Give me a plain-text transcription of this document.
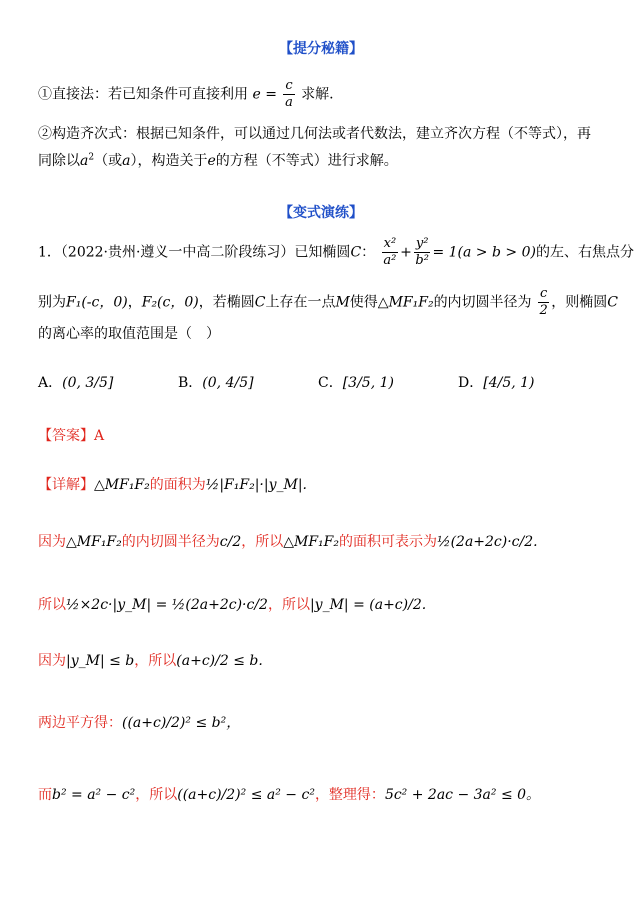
【提分秘籍】
①直接法：若已知条件可直接利用 $e = \frac{c}{a}$ 求解.
②构造齐次式：根据已知条件，可以通过几何法或者代数法，建立齐次方程（不等式），再
同除以$a^2$（或a），构造关于e的方程（不等式）进行求解。
【变式演练】
1．（2022·贵州·遵义一中高二阶段练习）已知椭圆C： $\frac{\text{x²}}{\text{a²}} + \frac{\text{y²}}{\text{b²}} = 1(a > b > 0)$的左、右焦点分
别为F₁(-c，0)，F₂(c，0)，若椭圆C上存在一点M使得△MF₁F₂的内切圆半径为 $\frac{c}{2}$ ，则椭圆C
的离心率的取值范围是（　）
A．(0, 3/5]	B．(0, 4/5]	C．[3/5, 1)	D．[4/5, 1)
【答案】A
【详解】△MF₁F₂的面积为½|F₁F₂|·|y_M|.
因为△MF₁F₂的内切圆半径为c/2，所以△MF₁F₂的面积可表示为½(2a+2c)·c/2.
所以½×2c·|y_M| = ½(2a+2c)·c/2，所以|y_M| = (a+c)/2.
因为|y_M| ≤ b，所以(a+c)/2 ≤ b.
两边平方得：((a+c)/2)² ≤ b²，
而b² = a² − c²，所以((a+c)/2)² ≤ a² − c²，整理得：5c² + 2ac − 3a² ≤ 0。
